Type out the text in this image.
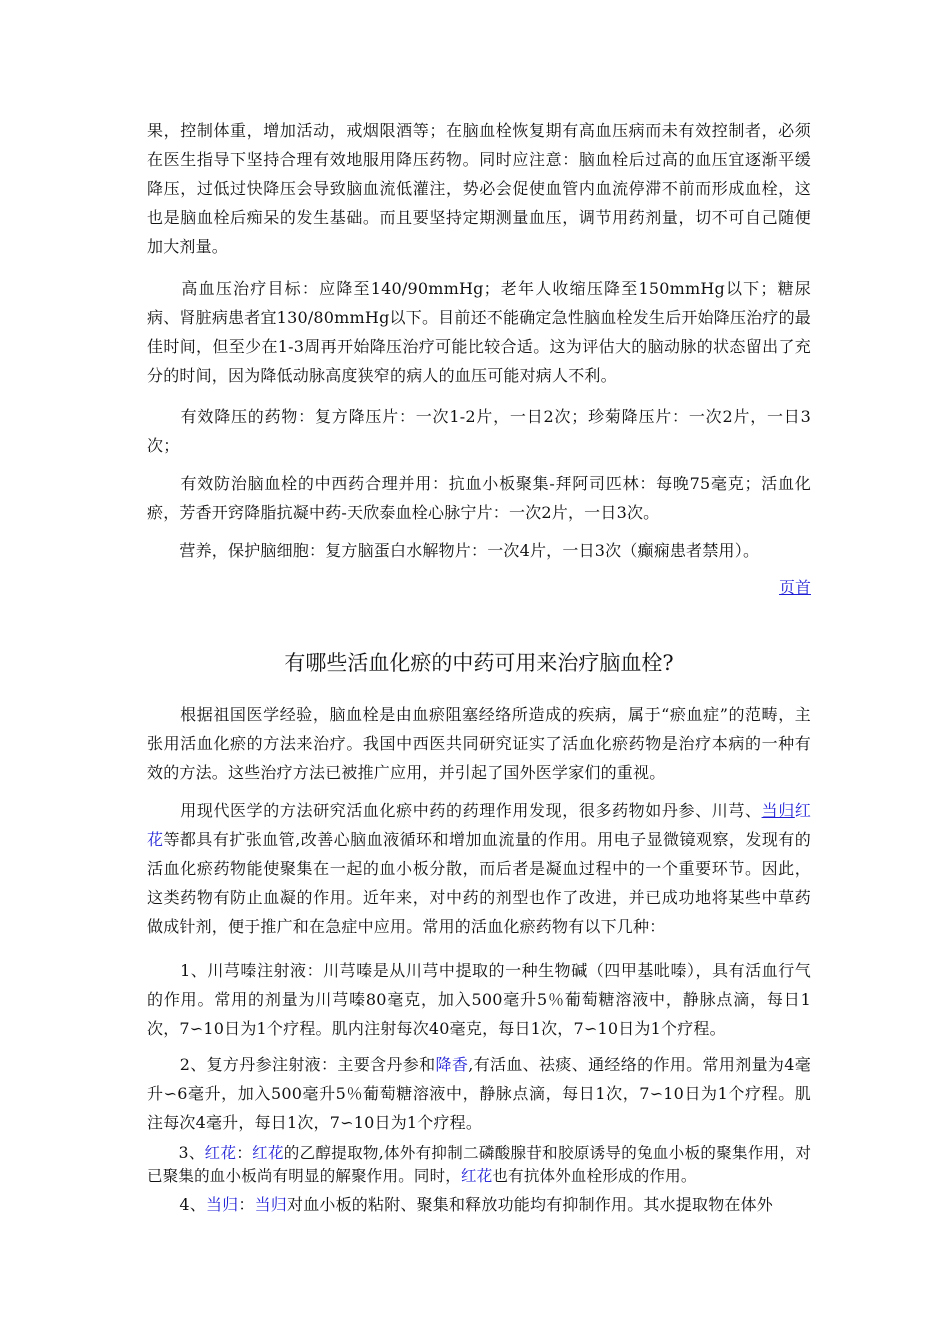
果，控制体重，增加活动，戒烟限酒等；在脑血栓恢复期有高血压病而未有效控制者，必须在医生指导下坚持合理有效地服用降压药物。同时应注意：脑血栓后过高的血压宜逐渐平缓降压，过低过快降压会导致脑血流低灌注，势必会促使血管内血流停滞不前而形成血栓，这也是脑血栓后痴呆的发生基础。而且要坚持定期测量血压，调节用药剂量，切不可自己随便加大剂量。

　　高血压治疗目标：应降至140/90mmHg；老年人收缩压降至150mmHg以下；糖尿病、肾脏病患者宜130/80mmHg以下。目前还不能确定急性脑血栓发生后开始降压治疗的最佳时间，但至少在1-3周再开始降压治疗可能比较合适。这为评估大的脑动脉的状态留出了充分的时间，因为降低动脉高度狭窄的病人的血压可能对病人不利。

　　有效降压的药物：复方降压片：一次1-2片，一日2次；珍菊降压片：一次2片，一日3次；

　　有效防治脑血栓的中西药合理并用：抗血小板聚集-拜阿司匹林：每晚75毫克；活血化瘀，芳香开窍降脂抗凝中药-天欣泰血栓心脉宁片：一次2片，一日3次。

　　营养，保护脑细胞：复方脑蛋白水解物片：一次4片，一日3次（癫痫患者禁用）。

页首
有哪些活血化瘀的中药可用来治疗脑血栓?

　　根据祖国医学经验，脑血栓是由血瘀阻塞经络所造成的疾病，属于“瘀血症”的范畴，主张用活血化瘀的方法来治疗。我国中西医共同研究证实了活血化瘀药物是治疗本病的一种有效的方法。这些治疗方法已被推广应用，并引起了国外医学家们的重视。

　　用现代医学的方法研究活血化瘀中药的药理作用发现，很多药物如丹参、川芎、当归红花等都具有扩张血管,改善心脑血液循环和增加血流量的作用。用电子显微镜观察，发现有的活血化瘀药物能使聚集在一起的血小板分散，而后者是凝血过程中的一个重要环节。因此，这类药物有防止血凝的作用。近年来，对中药的剂型也作了改进，并已成功地将某些中草药做成针剂，便于推广和在急症中应用。常用的活血化瘀药物有以下几种：

　　1、川芎嗪注射液：川芎嗪是从川芎中提取的一种生物碱（四甲基吡嗪），具有活血行气的作用。常用的剂量为川芎嗪80毫克，加入500毫升5％葡萄糖溶液中，静脉点滴，每日1次，7∽10日为1个疗程。肌内注射每次40毫克，每日1次，7∽10日为1个疗程。

　　2、复方丹参注射液：主要含丹参和降香,有活血、祛痰、通经络的作用。常用剂量为4毫升∽6毫升，加入500毫升5％葡萄糖溶液中，静脉点滴，每日1次，7∽10日为1个疗程。肌注每次4毫升，每日1次，7∽10日为1个疗程。

　　3、红花：红花的乙醇提取物,体外有抑制二磷酸腺苷和胶原诱导的兔血小板的聚集作用，对已聚集的血小板尚有明显的解聚作用。同时，红花也有抗体外血栓形成的作用。

　　4、当归：当归对血小板的粘附、聚集和释放功能均有抑制作用。其水提取物在体外
